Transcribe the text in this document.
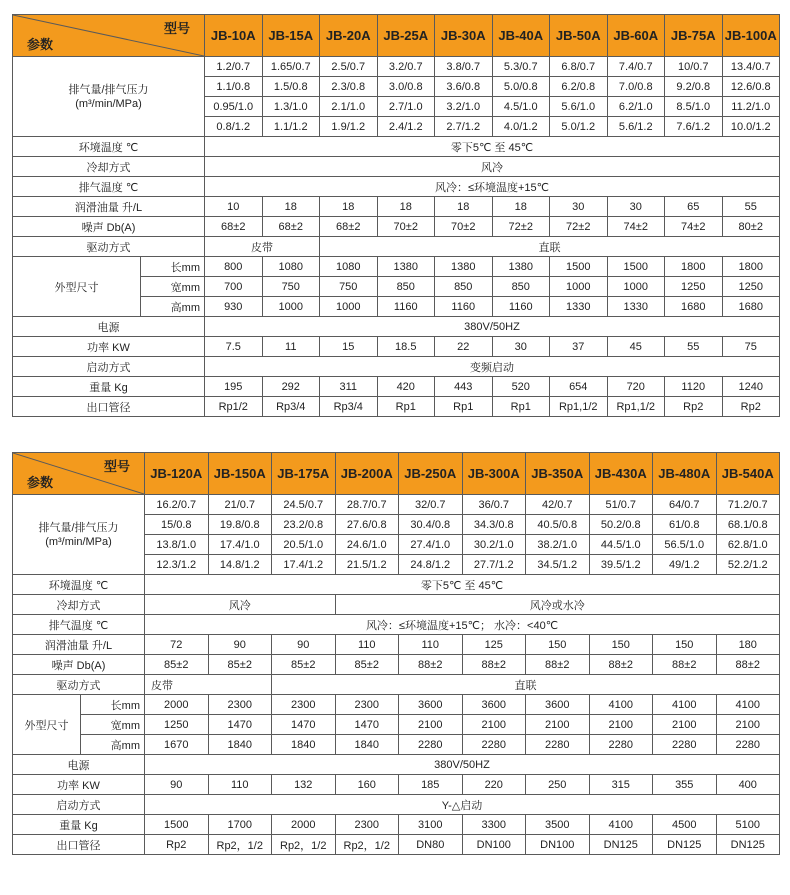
型号
参数		JB-10A	JB-15A	JB-20A	JB-25A	JB-30A	JB-40A	JB-50A	JB-60A	JB-75A	JB-100A
排气量/排气压力
(m³/min/MPa)		1.2/0.7	1.65/0.7	2.5/0.7	3.2/0.7	3.8/0.7	5.3/0.7	6.8/0.7	7.4/0.7	10/0.7	13.4/0.7
		1.1/0.8	1.5/0.8	2.3/0.8	3.0/0.8	3.6/0.8	5.0/0.8	6.2/0.8	7.0/0.8	9.2/0.8	12.6/0.8
		0.95/1.0	1.3/1.0	2.1/1.0	2.7/1.0	3.2/1.0	4.5/1.0	5.6/1.0	6.2/1.0	8.5/1.0	11.2/1.0
		0.8/1.2	1.1/1.2	1.9/1.2	2.4/1.2	2.7/1.2	4.0/1.2	5.0/1.2	5.6/1.2	7.6/1.2	10.0/1.2
环境温度 ℃		零下5℃ 至 45℃									
冷却方式		风冷									
排气温度 ℃		风冷：≤环境温度+15℃									
润滑油量 升/L		10	18	18	18	18	18	30	30	65	55
噪声 Db(A)		68±2	68±2	68±2	70±2	70±2	72±2	72±2	74±2	74±2	80±2
驱动方式		皮带		直联							
外型尺寸	长mm	800	1080	1080	1380	1380	1380	1500	1500	1800	1800
	宽mm	700	750	750	850	850	850	1000	1000	1250	1250
	高mm	930	1000	1000	1160	1160	1160	1330	1330	1680	1680
电源		380V/50HZ									
功率 KW		7.5	11	15	18.5	22	30	37	45	55	75
启动方式		变频启动									
重量 Kg		195	292	311	420	443	520	654	720	1120	1240
出口管径		Rp1/2	Rp3/4	Rp3/4	Rp1	Rp1	Rp1	Rp1,1/2	Rp1,1/2	Rp2	Rp2
型号
参数		JB-120A	JB-150A	JB-175A	JB-200A	JB-250A	JB-300A	JB-350A	JB-430A	JB-480A	JB-540A
排气量/排气压力
(m³/min/MPa)		16.2/0.7	21/0.7	24.5/0.7	28.7/0.7	32/0.7	36/0.7	42/0.7	51/0.7	64/0.7	71.2/0.7
		15/0.8	19.8/0.8	23.2/0.8	27.6/0.8	30.4/0.8	34.3/0.8	40.5/0.8	50.2/0.8	61/0.8	68.1/0.8
		13.8/1.0	17.4/1.0	20.5/1.0	24.6/1.0	27.4/1.0	30.2/1.0	38.2/1.0	44.5/1.0	56.5/1.0	62.8/1.0
		12.3/1.2	14.8/1.2	17.4/1.2	21.5/1.2	24.8/1.2	27.7/1.2	34.5/1.2	39.5/1.2	49/1.2	52.2/1.2
环境温度 ℃		零下5℃ 至 45℃									
冷却方式		风冷			风冷或水冷						
排气温度 ℃		风冷：≤环境温度+15℃； 水冷：<40℃									
润滑油量 升/L		72	90	90	110	110	125	150	150	150	180
噪声 Db(A)		85±2	85±2	85±2	85±2	88±2	88±2	88±2	88±2	88±2	88±2
驱动方式		皮带		直联							
外型尺寸	长mm	2000	2300	2300	2300	3600	3600	3600	4100	4100	4100
	宽mm	1250	1470	1470	1470	2100	2100	2100	2100	2100	2100
	高mm	1670	1840	1840	1840	2280	2280	2280	2280	2280	2280
电源		380V/50HZ									
功率 KW		90	110	132	160	185	220	250	315	355	400
启动方式		Y-△启动									
重量 Kg		1500	1700	2000	2300	3100	3300	3500	4100	4500	5100
出口管径		Rp2	Rp2，1/2	Rp2，1/2	Rp2，1/2	DN80	DN100	DN100	DN125	DN125	DN125
